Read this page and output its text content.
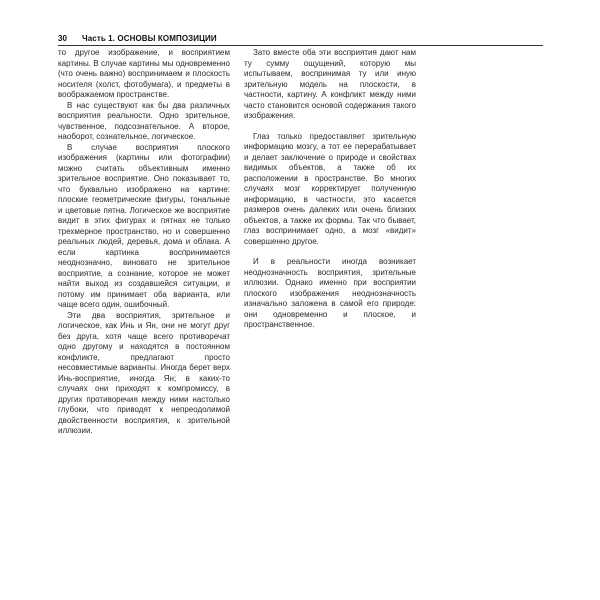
30 Часть 1. ОСНОВЫ КОМПОЗИЦИИ

то другое изображение, и восприятием картины. В случае картины мы одновременно (что очень важно) воспринимаем и плоскость носителя (холст, фотобумага), и предметы в воображаемом пространстве.

В нас существуют как бы два различных восприятия реальности. Одно зрительное, чувственное, подсознательное. А второе, наоборот, сознательное, логическое.

В случае восприятия плоского изображения (картины или фотографии) можно считать объективным именно зрительное восприятие. Оно показывает то, что буквально изображено на картине: плоские геометрические фигуры, тональные и цветовые пятна. Логическое же восприятие видит в этих фигурах и пятнах не только трехмерное пространство, но и совершенно реальных людей, деревья, дома и облака. А если картинка воспринимается неоднозначно, виновато не зрительное восприятие, а сознание, которое не может найти выход из создавшейся ситуации, и потому им принимает оба варианта, или чаще всего один, ошибочный.

Эти два восприятия, зрительное и логическое, как Инь и Ян, они не могут друг без друга, хотя чаще всего противоречат одно другому и находятся в постоянном конфликте, предлагают просто несовместимые варианты. Иногда берет верх Инь-восприятие, иногда Ян; в каких-то случаях они приходят к компромиссу, в других противоречия между ними настолько глубоки, что приводят к непреодолимой двойственности восприятия, к зрительной иллюзии.

Зато вместе оба эти восприятия дают нам ту сумму ощущений, которую мы испытываем, воспринимая ту или иную зрительную модель на плоскости, в частности, картину. А конфликт между ними часто становится основой содержания такого изображения.

Глаз только предоставляет зрительную информацию мозгу, а тот ее перерабатывает и делает заключение о природе и свойствах видимых объектов, а также об их расположении в пространстве. Во многих случаях мозг корректирует полученную информацию, в частности, это касается размеров очень далеких или очень близких объектов, а также их формы. Так что бывает, глаз воспринимает одно, а мозг «видит» совершенно другое.

И в реальности иногда возникает неоднозначность восприятия, зрительные иллюзии. Однако именно при восприятии плоского изображения неоднозначность изначально заложена в самой его природе: они одновременно и плоское, и пространственное.
